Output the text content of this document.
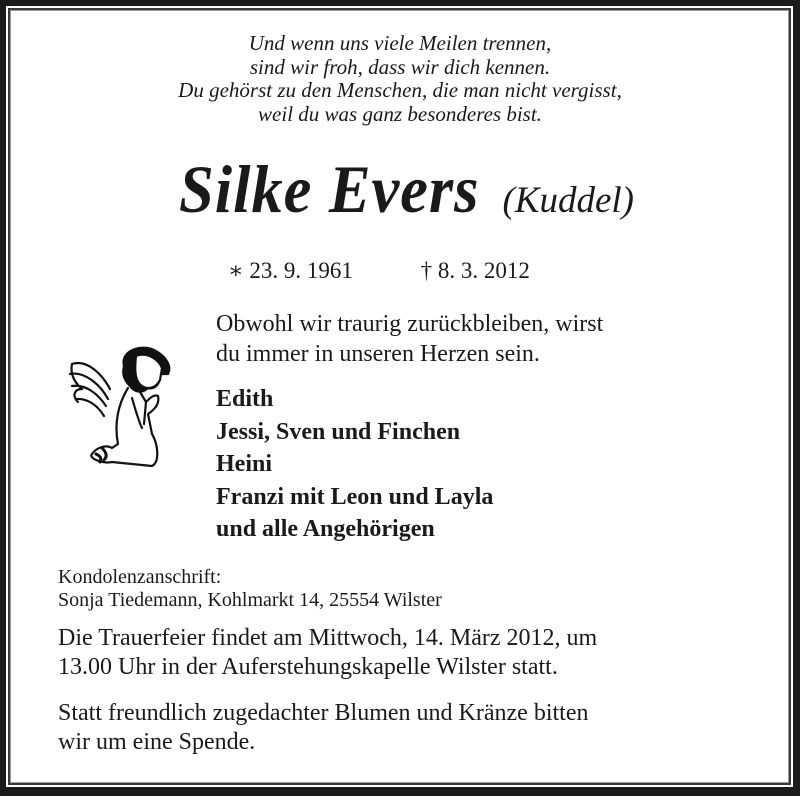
Und wenn uns viele Meilen trennen,
sind wir froh, dass wir dich kennen.
Du gehörst zu den Menschen, die man nicht vergisst,
weil du was ganz besonderes bist.
Silke Evers (Kuddel)
∗ 23. 9. 1961	† 8. 3. 2012
Obwohl wir traurig zurückbleiben, wirst
du immer in unseren Herzen sein.
Edith
Jessi, Sven und Finchen
Heini
Franzi mit Leon und Layla
und alle Angehörigen
Kondolenzanschrift:
Sonja Tiedemann, Kohlmarkt 14, 25554 Wilster
Die Trauerfeier findet am Mittwoch, 14. März 2012, um
13.00 Uhr in der Auferstehungskapelle Wilster statt.
Statt freundlich zugedachter Blumen und Kränze bitten
wir um eine Spende.
